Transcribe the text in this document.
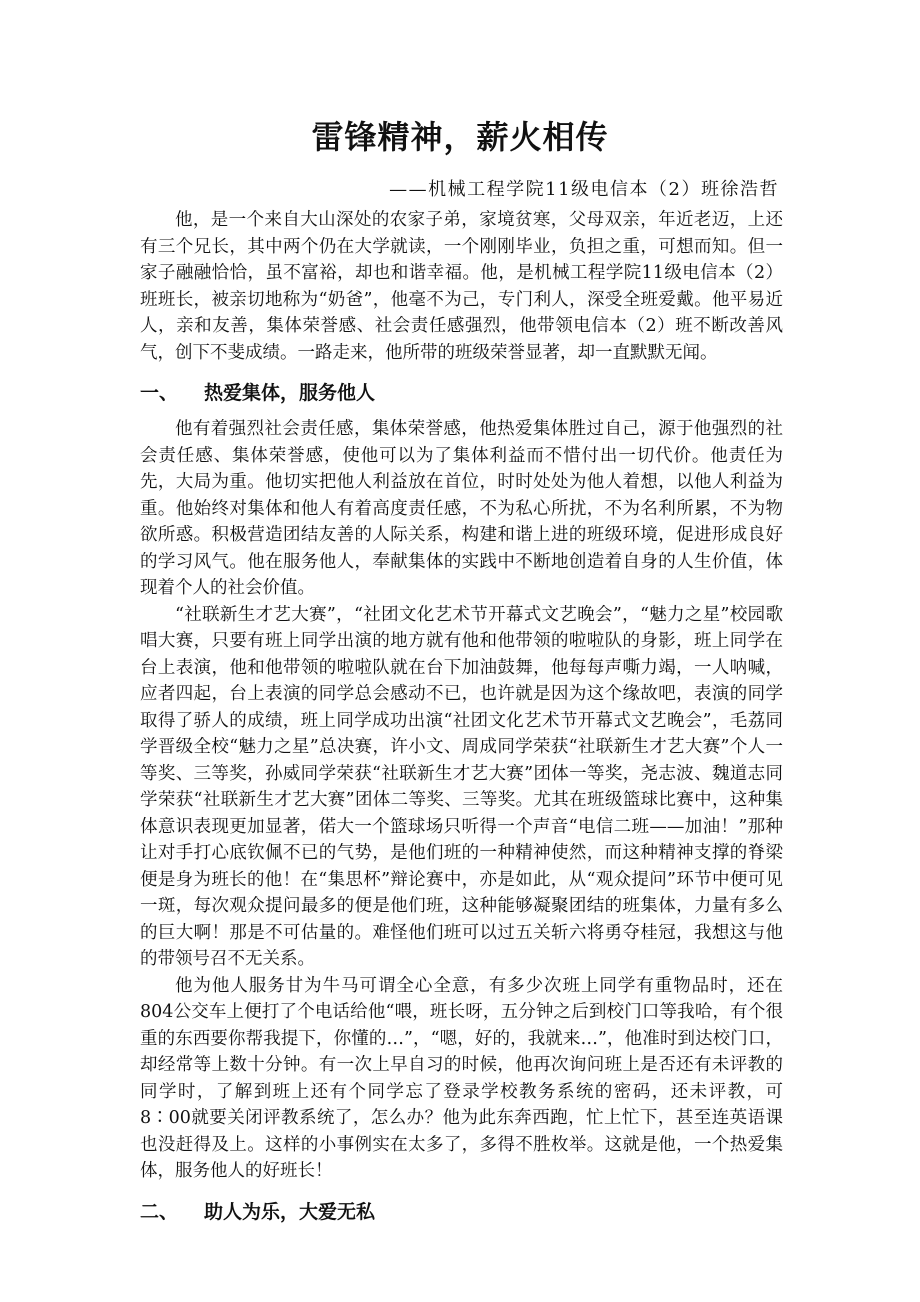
雷锋精神，薪火相传
——机械工程学院11级电信本（2）班徐浩哲

他，是一个来自大山深处的农家子弟，家境贫寒，父母双亲，年近老迈，上还有三个兄长，其中两个仍在大学就读，一个刚刚毕业，负担之重，可想而知。但一家子融融恰恰，虽不富裕，却也和谐幸福。他，是机械工程学院11级电信本（2）班班长，被亲切地称为“奶爸”，他毫不为己，专门利人，深受全班爱戴。他平易近人，亲和友善，集体荣誉感、社会责任感强烈，他带领电信本（2）班不断改善风气，创下不斐成绩。一路走来，他所带的班级荣誉显著，却一直默默无闻。

一、	热爱集体，服务他人

他有着强烈社会责任感，集体荣誉感，他热爱集体胜过自己，源于他强烈的社会责任感、集体荣誉感，使他可以为了集体利益而不惜付出一切代价。他责任为先，大局为重。他切实把他人利益放在首位，时时处处为他人着想，以他人利益为重。他始终对集体和他人有着高度责任感，不为私心所扰，不为名利所累，不为物欲所惑。积极营造团结友善的人际关系，构建和谐上进的班级环境，促进形成良好的学习风气。他在服务他人，奉献集体的实践中不断地创造着自身的人生价值，体现着个人的社会价值。

“社联新生才艺大赛”，“社团文化艺术节开幕式文艺晚会”，“魅力之星”校园歌唱大赛，只要有班上同学出演的地方就有他和他带领的啦啦队的身影，班上同学在台上表演，他和他带领的啦啦队就在台下加油鼓舞，他每每声嘶力竭，一人呐喊，应者四起，台上表演的同学总会感动不已，也许就是因为这个缘故吧，表演的同学取得了骄人的成绩，班上同学成功出演“社团文化艺术节开幕式文艺晚会”，毛荔同学晋级全校“魅力之星”总决赛，许小文、周成同学荣获“社联新生才艺大赛”个人一等奖、三等奖，孙威同学荣获“社联新生才艺大赛”团体一等奖，尧志波、魏道志同学荣获“社联新生才艺大赛”团体二等奖、三等奖。尤其在班级篮球比赛中，这种集体意识表现更加显著，偌大一个篮球场只听得一个声音“电信二班——加油！”那种让对手打心底钦佩不已的气势，是他们班的一种精神使然，而这种精神支撑的脊梁便是身为班长的他！在“集思杯”辩论赛中，亦是如此，从“观众提问”环节中便可见一斑，每次观众提问最多的便是他们班，这种能够凝聚团结的班集体，力量有多么的巨大啊！那是不可估量的。难怪他们班可以过五关斩六将勇夺桂冠，我想这与他的带领号召不无关系。

他为他人服务甘为牛马可谓全心全意，有多少次班上同学有重物品时，还在804公交车上便打了个电话给他“喂，班长呀，五分钟之后到校门口等我哈，有个很重的东西要你帮我提下，你懂的…”，“嗯，好的，我就来…”，他准时到达校门口，却经常等上数十分钟。有一次上早自习的时候，他再次询问班上是否还有未评教的同学时，了解到班上还有个同学忘了登录学校教务系统的密码，还未评教，可8∶00就要关闭评教系统了，怎么办？他为此东奔西跑，忙上忙下，甚至连英语课也没赶得及上。这样的小事例实在太多了，多得不胜枚举。这就是他，一个热爱集体，服务他人的好班长！

二、	助人为乐，大爱无私
